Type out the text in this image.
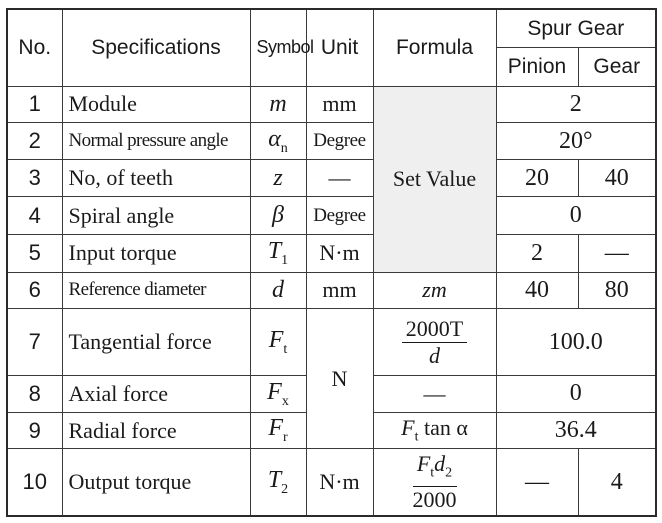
No.	Specifications	Symbol	Unit	Formula	Spur Gear	
					Pinion	Gear
1	Module	m	mm	Set Value	2	
2	Normal pressure angle	$\alpha_n$	Degree		20°	
3	No, of teeth	z	—		20	40
4	Spiral angle	β	Degree		0	
5	Input torque	$T_1$	N·m		2	—
6	Reference diameter	d	mm	zm	40	80
7	Tangential force	$F_t$	N	$\frac{2000T}{d}$	100.0	
8	Axial force	$F_x$		—	0	
9	Radial force	$F_r$		$F_t$ tan α	36.4	
10	Output torque	$T_2$	N·m	$\frac{F_td_2}{2000}$	—	4
